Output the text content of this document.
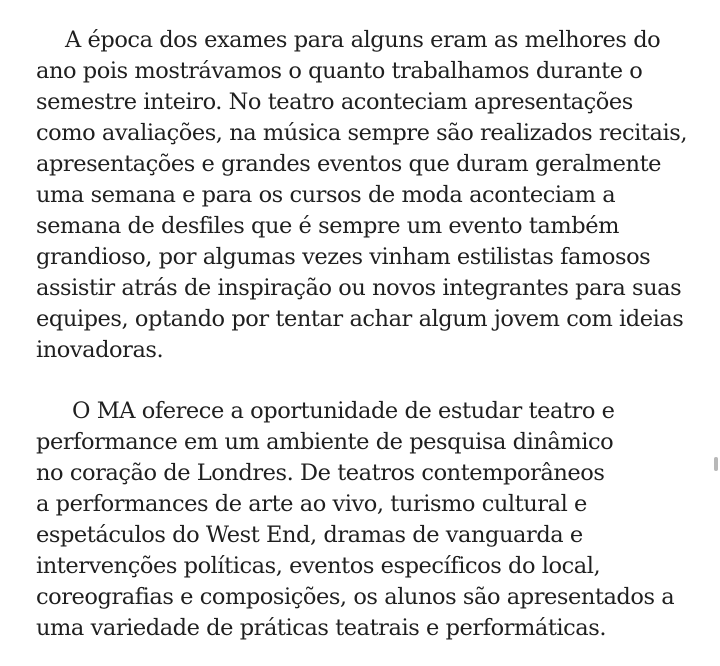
A época dos exames para alguns eram as melhores do
ano pois mostrávamos o quanto trabalhamos durante o
semestre inteiro. No teatro aconteciam apresentações
como avaliações, na música sempre são realizados recitais,
apresentações e grandes eventos que duram geralmente
uma semana e para os cursos de moda aconteciam a
semana de desfiles que é sempre um evento também
grandioso, por algumas vezes vinham estilistas famosos
assistir atrás de inspiração ou novos integrantes para suas
equipes, optando por tentar achar algum jovem com ideias
inovadoras.

O MA oferece a oportunidade de estudar teatro e
performance em um ambiente de pesquisa dinâmico
no coração de Londres. De teatros contemporâneos
a performances de arte ao vivo, turismo cultural e
espetáculos do West End, dramas de vanguarda e
intervenções políticas, eventos específicos do local,
coreografias e composições, os alunos são apresentados a
uma variedade de práticas teatrais e performáticas.
